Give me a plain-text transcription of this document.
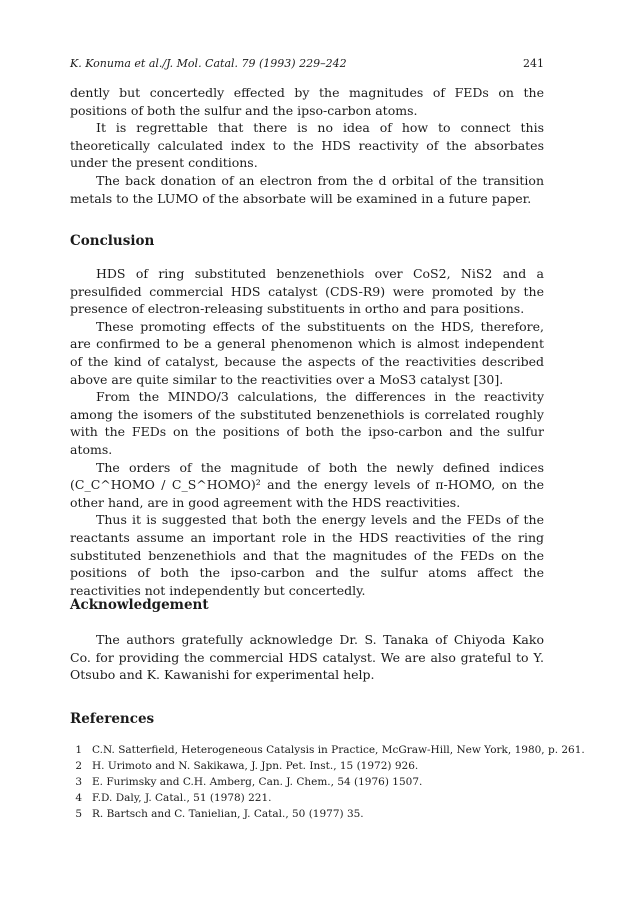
K. Konuma et al./J. Mol. Catal. 79 (1993) 229–242	241

dently but concertedly effected by the magnitudes of FEDs on the positions of both the sulfur and the ipso-carbon atoms.

It is regrettable that there is no idea of how to connect this theoretically calculated index to the HDS reactivity of the absorbates under the present conditions.

The back donation of an electron from the d orbital of the transition metals to the LUMO of the absorbate will be examined in a future paper.

Conclusion

HDS of ring substituted benzenethiols over CoS2, NiS2 and a presulfided commercial HDS catalyst (CDS-R9) were promoted by the presence of electron-releasing substituents in ortho and para positions.

These promoting effects of the substituents on the HDS, therefore, are confirmed to be a general phenomenon which is almost independent of the kind of catalyst, because the aspects of the reactivities described above are quite similar to the reactivities over a MoS3 catalyst [30].

From the MINDO/3 calculations, the differences in the reactivity among the isomers of the substituted benzenethiols is correlated roughly with the FEDs on the positions of both the ipso-carbon and the sulfur atoms.

The orders of the magnitude of both the newly defined indices (C_C^HOMO / C_S^HOMO)² and the energy levels of π-HOMO, on the other hand, are in good agreement with the HDS reactivities.

Thus it is suggested that both the energy levels and the FEDs of the reactants assume an important role in the HDS reactivities of the ring substituted benzenethiols and that the magnitudes of the FEDs on the positions of both the ipso-carbon and the sulfur atoms affect the reactivities not independently but concertedly.

Acknowledgement

The authors gratefully acknowledge Dr. S. Tanaka of Chiyoda Kako Co. for providing the commercial HDS catalyst. We are also grateful to Y. Otsubo and K. Kawanishi for experimental help.

References
1 C.N. Satterfield, Heterogeneous Catalysis in Practice, McGraw-Hill, New York, 1980, p. 261.
2 H. Urimoto and N. Sakikawa, J. Jpn. Pet. Inst., 15 (1972) 926.
3 E. Furimsky and C.H. Amberg, Can. J. Chem., 54 (1976) 1507.
4 F.D. Daly, J. Catal., 51 (1978) 221.
5 R. Bartsch and C. Tanielian, J. Catal., 50 (1977) 35.
